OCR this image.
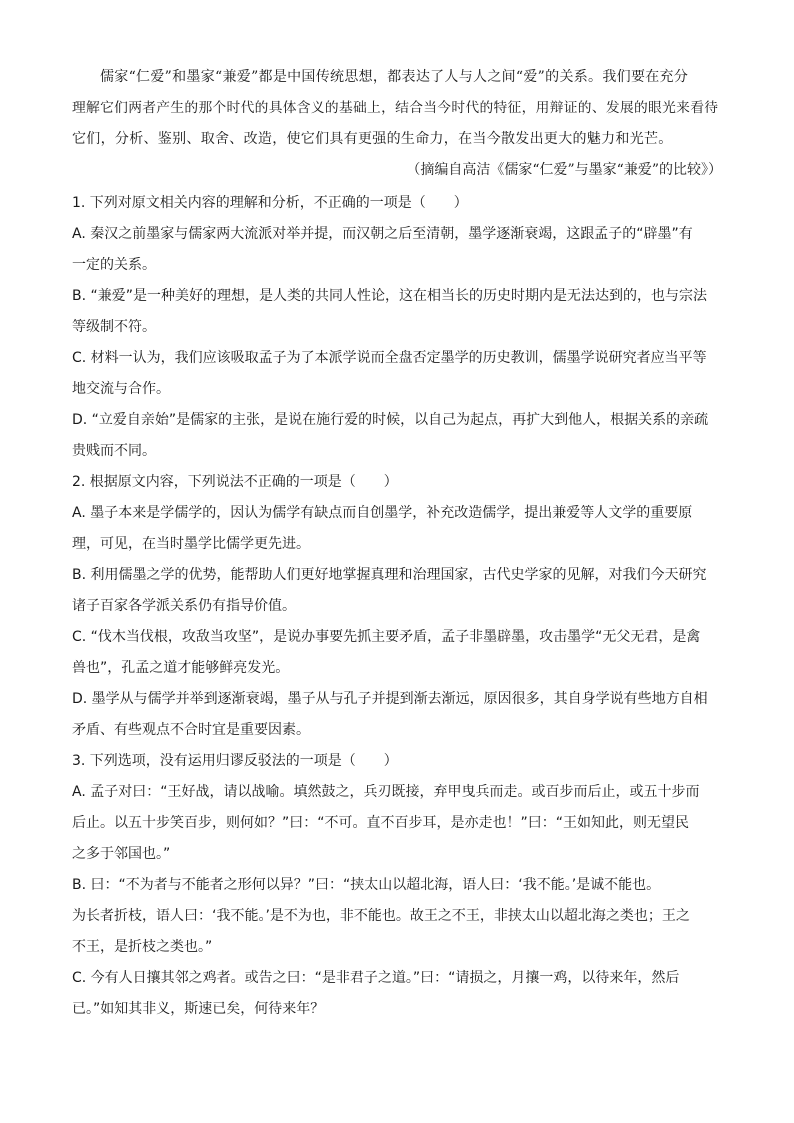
儒家“仁爱”和墨家“兼爱”都是中国传统思想，都表达了人与人之间“爱”的关系。我们要在充分
理解它们两者产生的那个时代的具体含义的基础上，结合当今时代的特征，用辩证的、发展的眼光来看待
它们，分析、鉴别、取舍、改造，使它们具有更强的生命力，在当今散发出更大的魅力和光芒。

（摘编自高洁《儒家“仁爱”与墨家“兼爱”的比较》）

1. 下列对原文相关内容的理解和分析，不正确的一项是（　　）

A. 秦汉之前墨家与儒家两大流派对举并提，而汉朝之后至清朝，墨学逐渐衰竭，这跟孟子的“辟墨”有
一定的关系。
B. “兼爱”是一种美好的理想，是人类的共同人性论，这在相当长的历史时期内是无法达到的，也与宗法
等级制不符。
C. 材料一认为，我们应该吸取孟子为了本派学说而全盘否定墨学的历史教训，儒墨学说研究者应当平等
地交流与合作。
D. “立爱自亲始”是儒家的主张，是说在施行爱的时候，以自己为起点，再扩大到他人，根据关系的亲疏
贵贱而不同。

2. 根据原文内容，下列说法不正确的一项是（　　）

A. 墨子本来是学儒学的，因认为儒学有缺点而自创墨学，补充改造儒学，提出兼爱等人文学的重要原
理，可见，在当时墨学比儒学更先进。
B. 利用儒墨之学的优势，能帮助人们更好地掌握真理和治理国家，古代史学家的见解，对我们今天研究
诸子百家各学派关系仍有指导价值。
C. “伐木当伐根，攻敌当攻坚”，是说办事要先抓主要矛盾，孟子非墨辟墨，攻击墨学“无父无君，是禽
兽也”，孔孟之道才能够鲜亮发光。
D. 墨学从与儒学并举到逐渐衰竭，墨子从与孔子并提到渐去渐远，原因很多，其自身学说有些地方自相
矛盾、有些观点不合时宜是重要因素。

3. 下列选项，没有运用归谬反驳法的一项是（　　）

A. 孟子对曰：“王好战，请以战喻。填然鼓之，兵刃既接，弃甲曳兵而走。或百步而后止，或五十步而
后止。以五十步笑百步，则何如？”曰：“不可。直不百步耳，是亦走也！”曰：“王如知此，则无望民
之多于邻国也。”
B. 曰：“不为者与不能者之形何以异？”曰：“挟太山以超北海，语人曰：‘我不能。’是诚不能也。
为长者折枝，语人曰：‘我不能。’是不为也，非不能也。故王之不王，非挟太山以超北海之类也；王之
不王，是折枝之类也。”
C. 今有人日攘其邻之鸡者。或告之曰：“是非君子之道。”曰：“请损之，月攘一鸡，以待来年，然后
已。”如知其非义，斯速已矣，何待来年？
